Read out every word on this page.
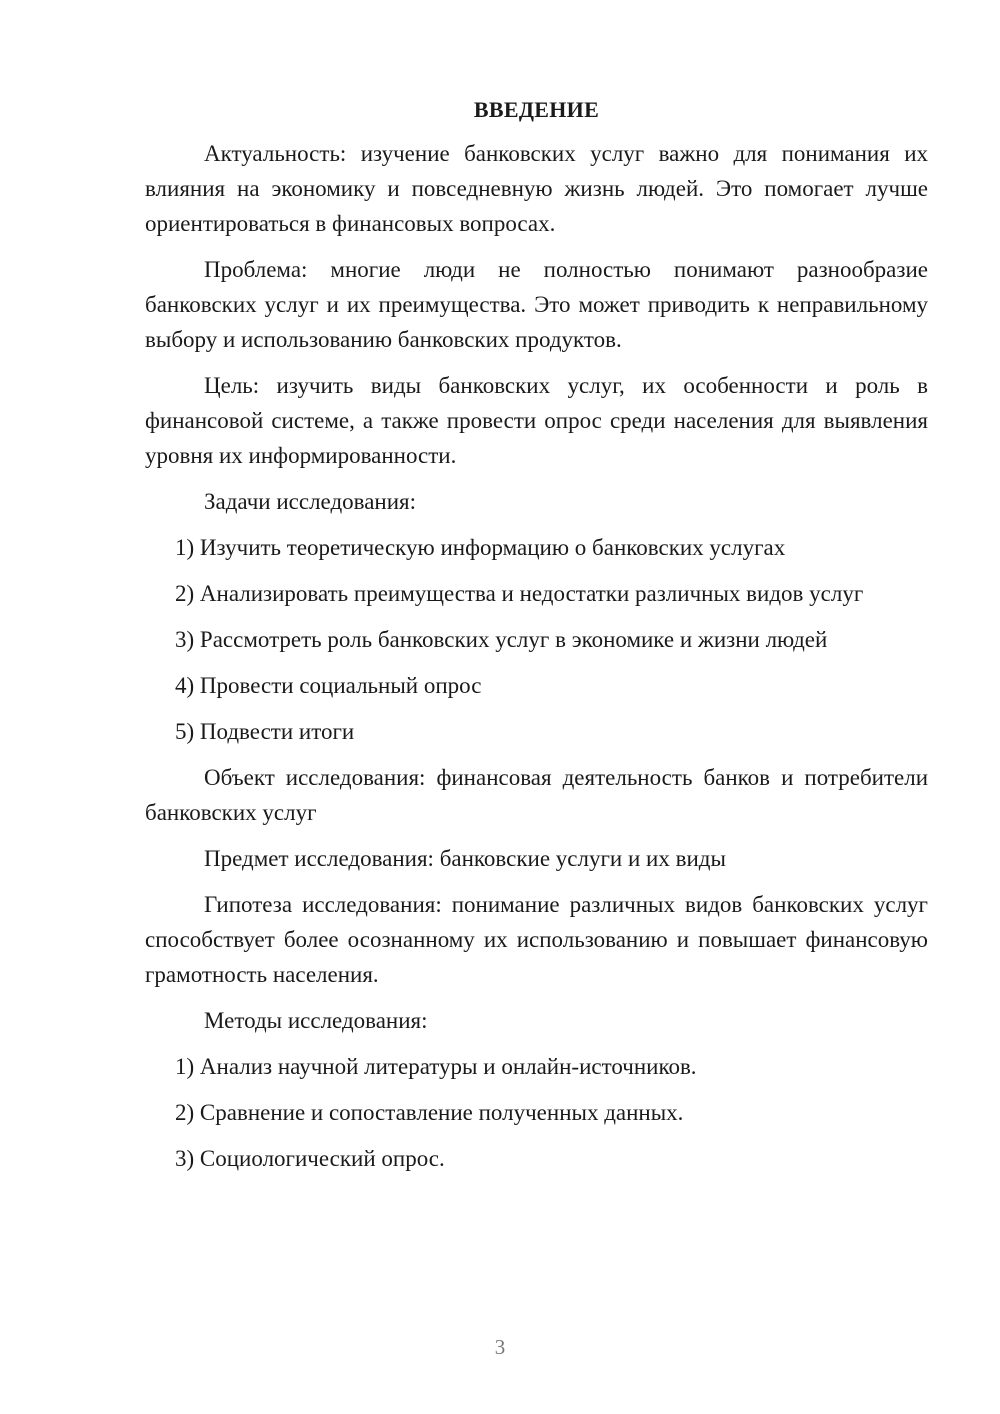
ВВЕДЕНИЕ
Актуальность: изучение банковских услуг важно для понимания их влияния на экономику и повседневную жизнь людей. Это помогает лучше ориентироваться в финансовых вопросах.
Проблема: многие люди не полностью понимают разнообразие банковских услуг и их преимущества. Это может приводить к неправильному выбору и использованию банковских продуктов.
Цель: изучить виды банковских услуг, их особенности и роль в финансовой системе, а также провести опрос среди населения для выявления уровня их информированности.
Задачи исследования:
1) Изучить теоретическую информацию о банковских услугах
2) Анализировать преимущества и недостатки различных видов услуг
3) Рассмотреть роль банковских услуг в экономике и жизни людей
4) Провести социальный опрос
5) Подвести итоги
Объект исследования: финансовая деятельность банков и потребители банковских услуг
Предмет исследования: банковские услуги и их виды
Гипотеза исследования: понимание различных видов банковских услуг способствует более осознанному их использованию и повышает финансовую грамотность населения.
Методы исследования:
1) Анализ научной литературы и онлайн-источников.
2) Сравнение и сопоставление полученных данных.
3) Социологический опрос.
3
